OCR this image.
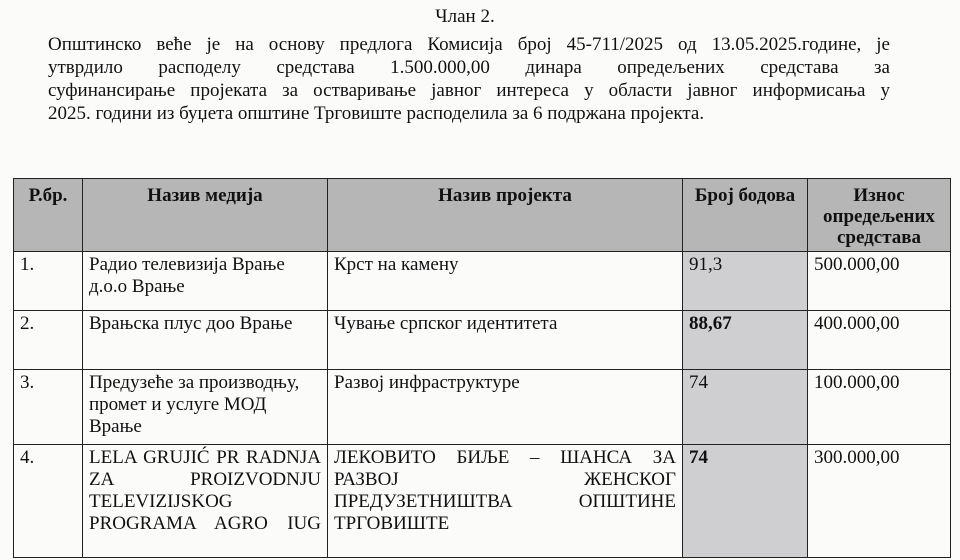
Члан 2.
Општинско веће је на основу предлога Комисија број 45-711/2025 од 13.05.2025.године, је
утврдило расподелу средстава 1.500.000,00 динара опредељених средстава за
суфинансирање пројеката за остваривање јавног интереса у области јавног информисања у
2025. години из буџета општине Трговиште расподелила за 6 подржана пројекта.
Р.бр.	Назив медија	Назив пројекта	Број бодова	Износ опредељених средстава
1.	Радио телевизија Врање д.о.о Врање	Крст на камену	91,3	500.000,00
2.	Врањска плус доо Врање	Чување српског идентитета	88,67	400.000,00
3.	Предузеће за производњу, промет и услуге МОД Врање	Развој инфраструктуре	74	100.000,00
4.	LELA GRUJIĆ PR RADNJA ZA PROIZVODNJU TELEVIZIJSKOG PROGRAMA AGRO IUG	ЛЕКОВИТО БИЉЕ – ШАНСА ЗА РАЗВОЈ ЖЕНСКОГ ПРЕДУЗЕТНИШТВА ОПШТИНЕ ТРГОВИШТЕ	74	300.000,00
